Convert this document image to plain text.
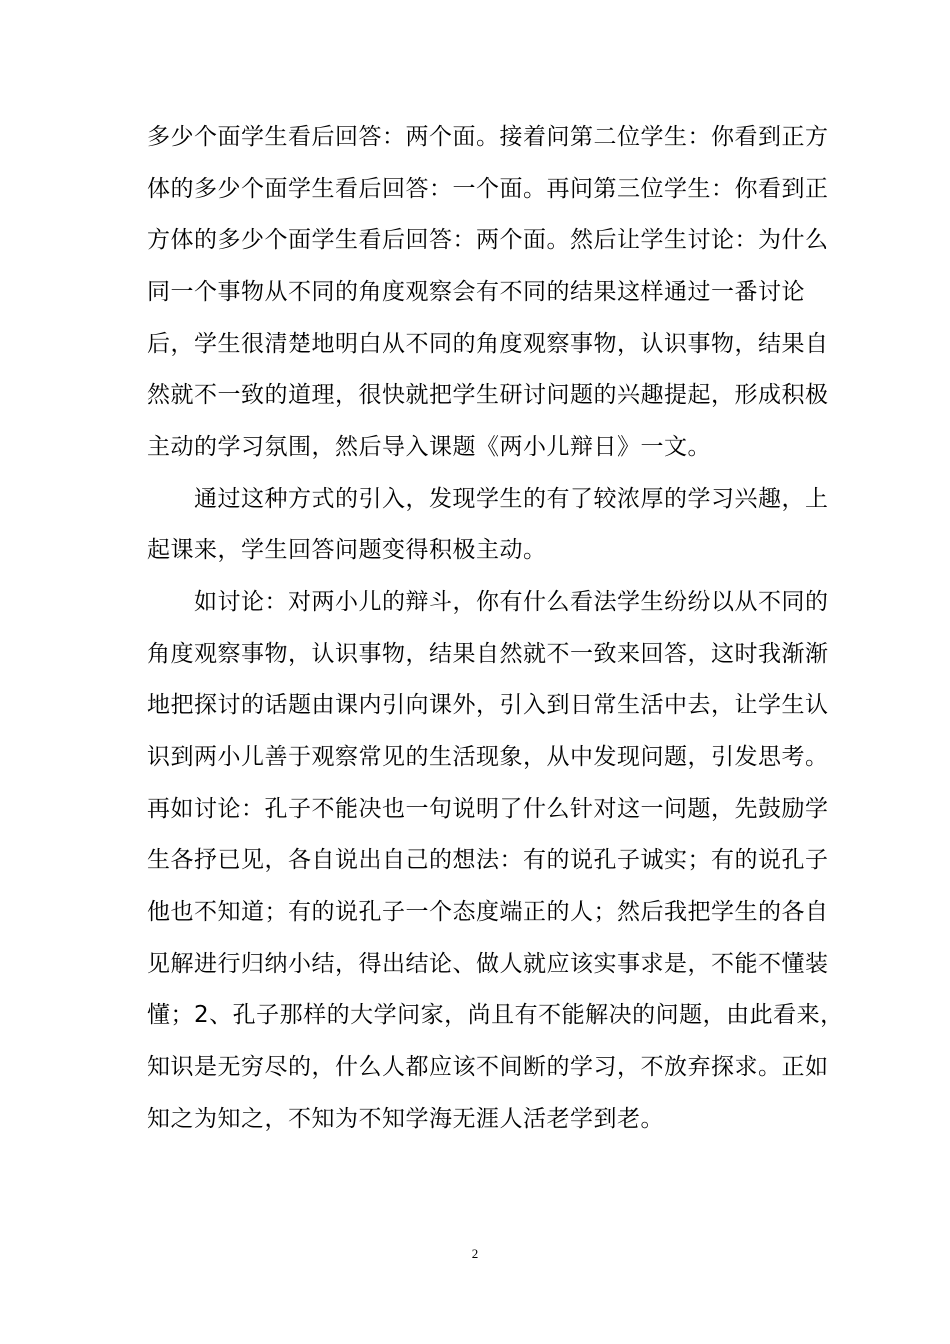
多少个面学生看后回答：两个面。接着问第二位学生：你看到正方
体的多少个面学生看后回答：一个面。再问第三位学生：你看到正
方体的多少个面学生看后回答：两个面。然后让学生讨论：为什么
同一个事物从不同的角度观察会有不同的结果这样通过一番讨论
后，学生很清楚地明白从不同的角度观察事物，认识事物，结果自
然就不一致的道理，很快就把学生研讨问题的兴趣提起，形成积极
主动的学习氛围，然后导入课题《两小儿辩日》一文。
　　通过这种方式的引入，发现学生的有了较浓厚的学习兴趣，上
起课来，学生回答问题变得积极主动。
　　如讨论：对两小儿的辩斗，你有什么看法学生纷纷以从不同的
角度观察事物，认识事物，结果自然就不一致来回答，这时我渐渐
地把探讨的话题由课内引向课外，引入到日常生活中去，让学生认
识到两小儿善于观察常见的生活现象，从中发现问题，引发思考。
再如讨论：孔子不能决也一句说明了什么针对这一问题，先鼓励学
生各抒已见，各自说出自己的想法：有的说孔子诚实；有的说孔子
他也不知道；有的说孔子一个态度端正的人；然后我把学生的各自
见解进行归纳小结，得出结论、做人就应该实事求是，不能不懂装
懂；2、孔子那样的大学问家，尚且有不能解决的问题，由此看来，
知识是无穷尽的，什么人都应该不间断的学习，不放弃探求。正如
知之为知之，不知为不知学海无涯人活老学到老。
2
